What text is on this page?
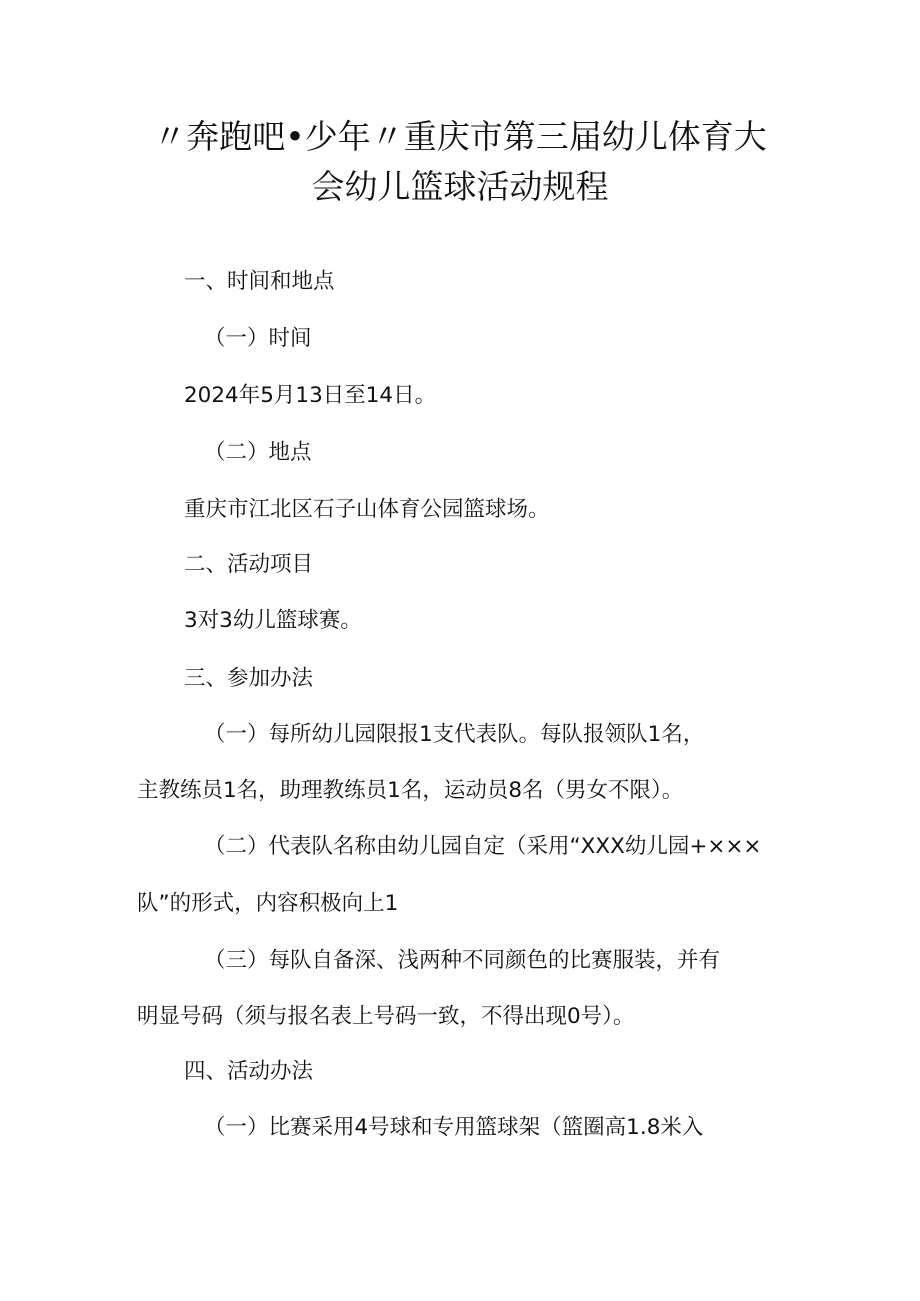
〃奔跑吧•少年〃重庆市第三届幼儿体育大
会幼儿篮球活动规程
一、时间和地点
（一）时间
2024年5月13日至14日。
（二）地点
重庆市江北区石子山体育公园篮球场。
二、活动项目
3对3幼儿篮球赛。
三、参加办法
（一）每所幼儿园限报1支代表队。每队报领队1名，
主教练员1名，助理教练员1名，运动员8名（男女不限）。
（二）代表队名称由幼儿园自定（采用“XXX幼儿园+×××
队”的形式，内容积极向上1
（三）每队自备深、浅两种不同颜色的比赛服装，并有
明显号码（须与报名表上号码一致，不得出现0号）。
四、活动办法
（一）比赛采用4号球和专用篮球架（篮圈高1.8米入
